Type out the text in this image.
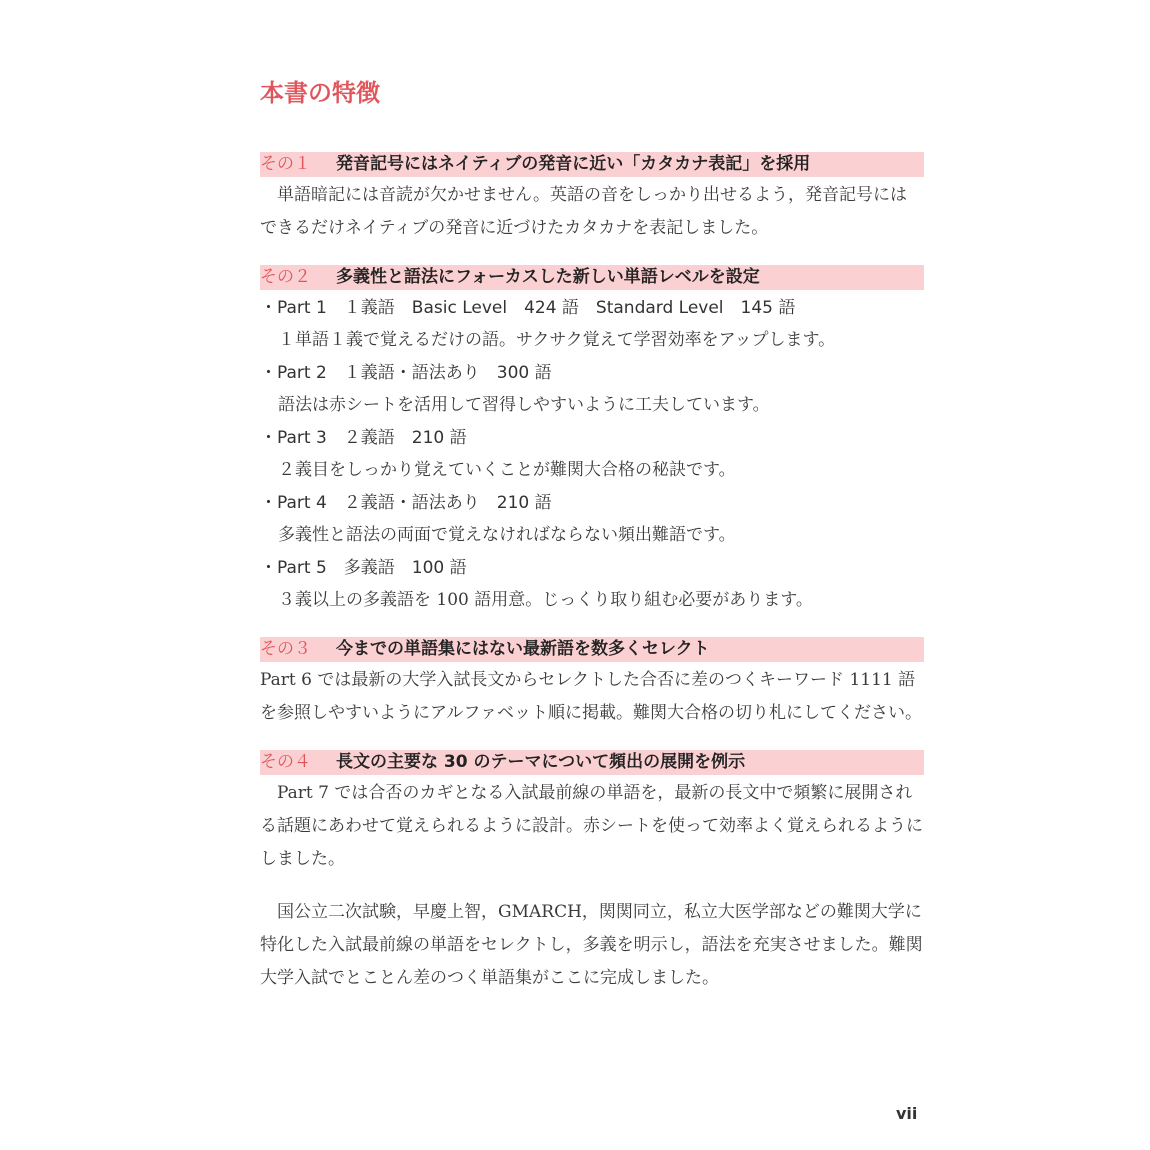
本書の特徴
その１	発音記号にはネイティブの発音に近い「カタカナ表記」を採用
単語暗記には音読が欠かせません。英語の音をしっかり出せるよう，発音記号にはできるだけネイティブの発音に近づけたカタカナを表記しました。
その２	多義性と語法にフォーカスした新しい単語レベルを設定
・Part 1　１義語　Basic Level　424 語　Standard Level　145 語
１単語１義で覚えるだけの語。サクサク覚えて学習効率をアップします。
・Part 2　１義語・語法あり　300 語
語法は赤シートを活用して習得しやすいように工夫しています。
・Part 3　２義語　210 語
２義目をしっかり覚えていくことが難関大合格の秘訣です。
・Part 4　２義語・語法あり　210 語
多義性と語法の両面で覚えなければならない頻出難語です。
・Part 5　多義語　100 語
３義以上の多義語を 100 語用意。じっくり取り組む必要があります。
その３	今までの単語集にはない最新語を数多くセレクト
Part 6 では最新の大学入試長文からセレクトした合否に差のつくキーワード 1111 語を参照しやすいようにアルファベット順に掲載。難関大合格の切り札にしてください。
その４	長文の主要な 30 のテーマについて頻出の展開を例示
Part 7 では合否のカギとなる入試最前線の単語を，最新の長文中で頻繁に展開される話題にあわせて覚えられるように設計。赤シートを使って効率よく覚えられるようにしました。
国公立二次試験，早慶上智，GMARCH，関関同立，私立大医学部などの難関大学に特化した入試最前線の単語をセレクトし，多義を明示し，語法を充実させました。難関大学入試でとことん差のつく単語集がここに完成しました。
vii
